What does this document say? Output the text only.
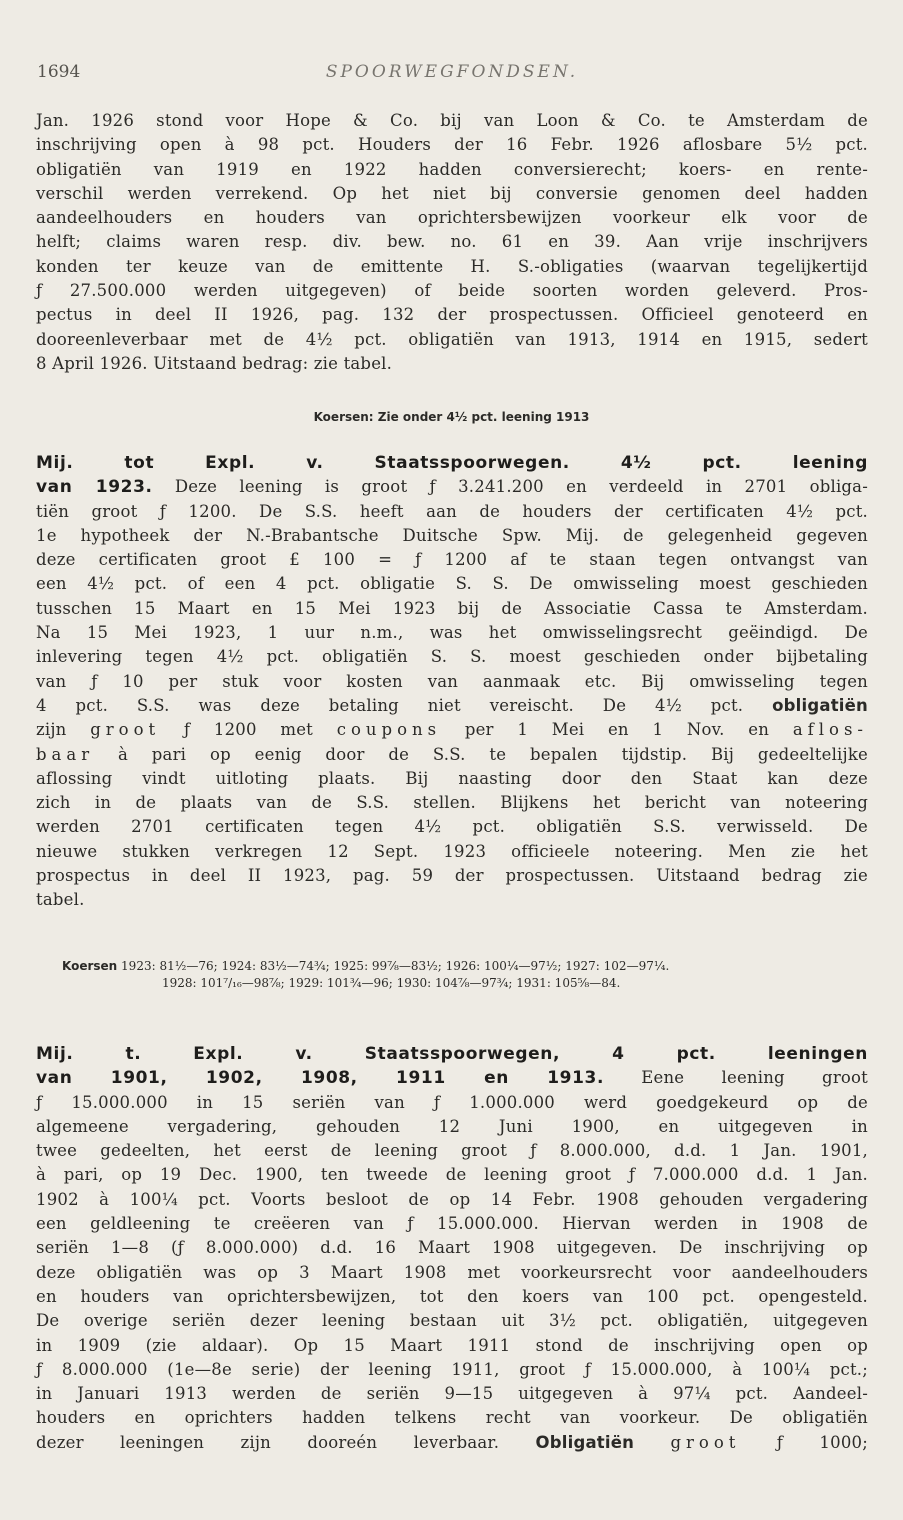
1694	SPOORWEGFONDSEN.

Jan. 1926 stond voor Hope & Co. bij van Loon & Co. te Amsterdam de
inschrijving open à 98 pct. Houders der 16 Febr. 1926 aflosbare 5½ pct.
obligatiën van 1919 en 1922 hadden conversierecht; koers- en rente-
verschil werden verrekend. Op het niet bij conversie genomen deel hadden
aandeelhouders en houders van oprichtersbewijzen voorkeur elk voor de
helft; claims waren resp. div. bew. no. 61 en 39. Aan vrije inschrijvers
konden ter keuze van de emittente H. S.-obligaties (waarvan tegelijkertijd
ƒ 27.500.000 werden uitgegeven) of beide soorten worden geleverd. Pros-
pectus in deel II 1926, pag. 132 der prospectussen. Officieel genoteerd en
dooreenleverbaar met de 4½ pct. obligatiën van 1913, 1914 en 1915, sedert
8 April 1926. Uitstaand bedrag: zie tabel.

Koersen: Zie onder 4½ pct. leening 1913

Mij. tot Expl. v. Staatsspoorwegen. 4½ pct. leening
van 1923. Deze leening is groot ƒ 3.241.200 en verdeeld in 2701 obliga-
tiën groot ƒ 1200. De S.S. heeft aan de houders der certificaten 4½ pct.
1e hypotheek der N.-Brabantsche Duitsche Spw. Mij. de gelegenheid gegeven
deze certificaten groot £ 100 = ƒ 1200 af te staan tegen ontvangst van
een 4½ pct. of een 4 pct. obligatie S. S. De omwisseling moest geschieden
tusschen 15 Maart en 15 Mei 1923 bij de Associatie Cassa te Amsterdam.
Na 15 Mei 1923, 1 uur n.m., was het omwisselingsrecht geëindigd. De
inlevering tegen 4½ pct. obligatiën S. S. moest geschieden onder bijbetaling
van ƒ 10 per stuk voor kosten van aanmaak etc. Bij omwisseling tegen
4 pct. S.S. was deze betaling niet vereischt. De 4½ pct. obligatiën
zijn groot ƒ 1200 met coupons per 1 Mei en 1 Nov. en aflos-
baar à pari op eenig door de S.S. te bepalen tijdstip. Bij gedeeltelijke
aflossing vindt uitloting plaats. Bij naasting door den Staat kan deze
zich in de plaats van de S.S. stellen. Blijkens het bericht van noteering
werden 2701 certificaten tegen 4½ pct. obligatiën S.S. verwisseld. De
nieuwe stukken verkregen 12 Sept. 1923 officieele noteering. Men zie het
prospectus in deel II 1923, pag. 59 der prospectussen. Uitstaand bedrag zie
tabel.

Koersen 1923: 81½—76; 1924: 83½—74¾; 1925: 99⅞—83½; 1926: 100¼—97½; 1927: 102—97¼.
1928: 101⁷/₁₆—98⅞; 1929: 101¾—96; 1930: 104⅞—97¾; 1931: 105⅝—84.

Mij. t. Expl. v. Staatsspoorwegen, 4 pct. leeningen
van 1901, 1902, 1908, 1911 en 1913. Eene leening groot
ƒ 15.000.000 in 15 seriën van ƒ 1.000.000 werd goedgekeurd op de
algemeene vergadering, gehouden 12 Juni 1900, en uitgegeven in
twee gedeelten, het eerst de leening groot ƒ 8.000.000, d.d. 1 Jan. 1901,
à pari, op 19 Dec. 1900, ten tweede de leening groot ƒ 7.000.000 d.d. 1 Jan.
1902 à 100¼ pct. Voorts besloot de op 14 Febr. 1908 gehouden vergadering
een geldleening te creëeren van ƒ 15.000.000. Hiervan werden in 1908 de
seriën 1—8 (ƒ 8.000.000) d.d. 16 Maart 1908 uitgegeven. De inschrijving op
deze obligatiën was op 3 Maart 1908 met voorkeursrecht voor aandeelhouders
en houders van oprichtersbewijzen, tot den koers van 100 pct. opengesteld.
De overige seriën dezer leening bestaan uit 3½ pct. obligatiën, uitgegeven
in 1909 (zie aldaar). Op 15 Maart 1911 stond de inschrijving open op
ƒ 8.000.000 (1e—8e serie) der leening 1911, groot ƒ 15.000.000, à 100¼ pct.;
in Januari 1913 werden de seriën 9—15 uitgegeven à 97¼ pct. Aandeel-
houders en oprichters hadden telkens recht van voorkeur. De obligatiën
dezer leeningen zijn dooreén leverbaar. Obligatiën groot ƒ 1000;
